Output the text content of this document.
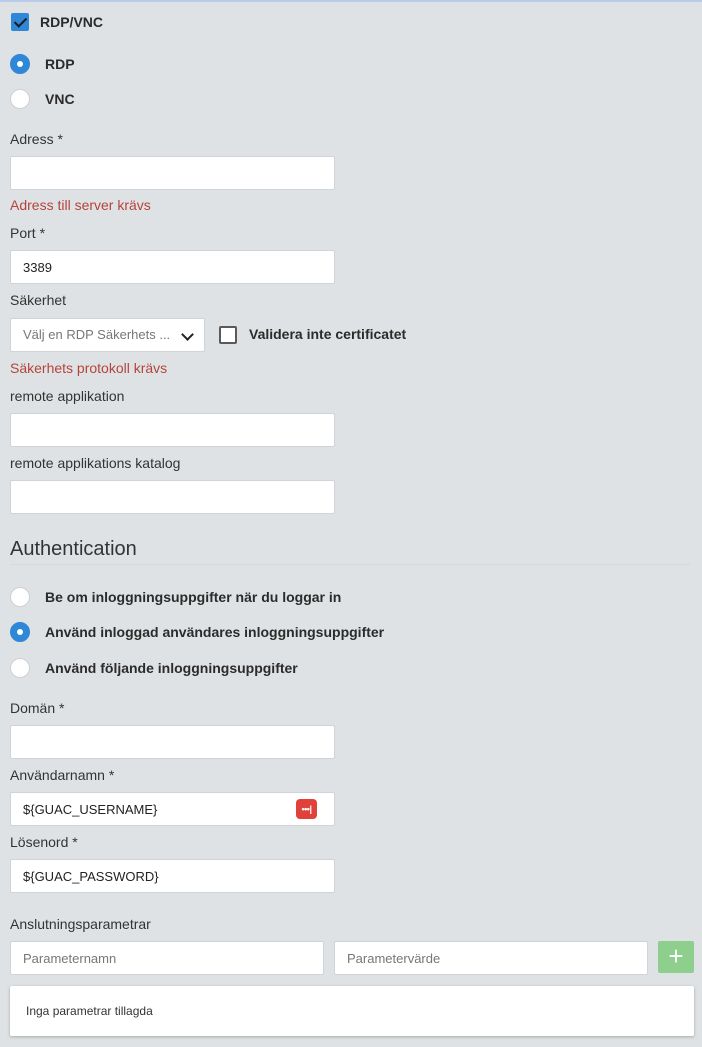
RDP/VNC
RDP
VNC
Adress *
Adress till server krävs
Port *
3389
Säkerhet
Välj en RDP Säkerhets ...	Validera inte certificatet
Säkerhets protokoll krävs
remote applikation
remote applikations katalog
Authentication
Be om inloggningsuppgifter när du loggar in
Använd inloggad användares inloggningsuppgifter
Använd följande inloggningsuppgifter
Domän *
Användarnamn *
${GUAC_USERNAME}
•••|
Lösenord *
${GUAC_PASSWORD}
Anslutningsparametrar
Parameternamn
Parametervärde
+
Inga parametrar tillagda
